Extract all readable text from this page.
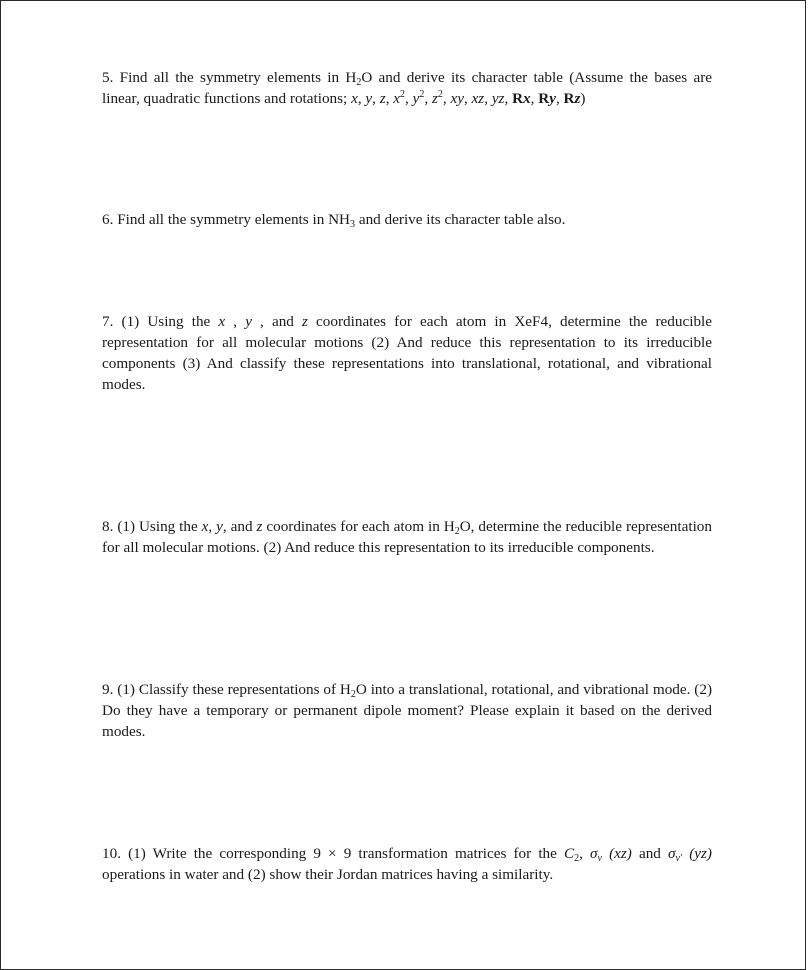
5. Find all the symmetry elements in $H_2O$ and derive its character table (Assume the bases are linear, quadratic functions and rotations; x, y, z, $x^2$, $y^2$, $z^2$, xy, xz, yz, Rx, Ry, Rz)

6. Find all the symmetry elements in $NH_3$ and derive its character table also.

7. (1) Using the x , y , and z coordinates for each atom in XeF4, determine the reducible representation for all molecular motions (2) And reduce this representation to its irreducible components (3) And classify these representations into translational, rotational, and vibrational modes.

8. (1) Using the x, y, and z coordinates for each atom in $H_2O$, determine the reducible representation for all molecular motions. (2) And reduce this representation to its irreducible components.

9. (1) Classify these representations of $H_2O$ into a translational, rotational, and vibrational mode. (2) Do they have a temporary or permanent dipole moment? Please explain it based on the derived modes.

10. (1) Write the corresponding 9 × 9 transformation matrices for the $C_2$, $\sigma_v$ (xz) and $\sigma_{v'}$ (yz) operations in water and (2) show their Jordan matrices having a similarity.
